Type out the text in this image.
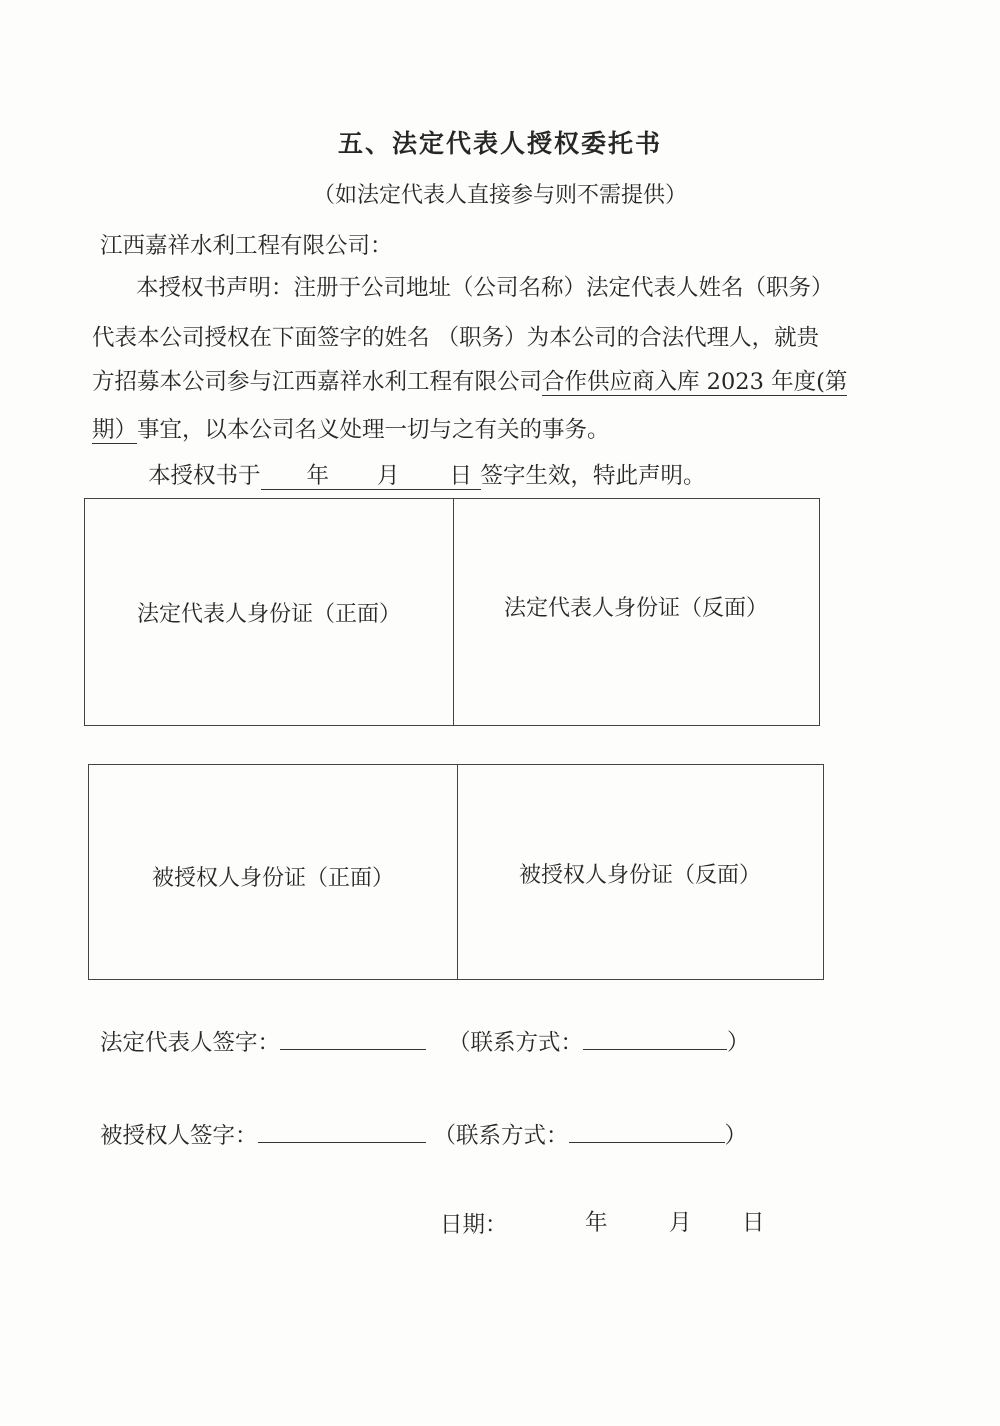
五、法定代表人授权委托书
（如法定代表人直接参与则不需提供）
江西嘉祥水利工程有限公司：
本授权书声明：注册于公司地址（公司名称）法定代表人姓名（职务）
代表本公司授权在下面签字的姓名 （职务）为本公司的合法代理人，就贵
方招募本公司参与江西嘉祥水利工程有限公司合作供应商入库 2023 年度(第
期）事宜，以本公司名义处理一切与之有关的事务。
本授权书于 年 月 日 签字生效，特此声明。
法定代表人身份证（正面）	法定代表人身份证（反面）
被授权人身份证（正面）	被授权人身份证（反面）
法定代表人签字：	（联系方式：	）
被授权人签字：	（联系方式：	）
日期：	年	月 日
